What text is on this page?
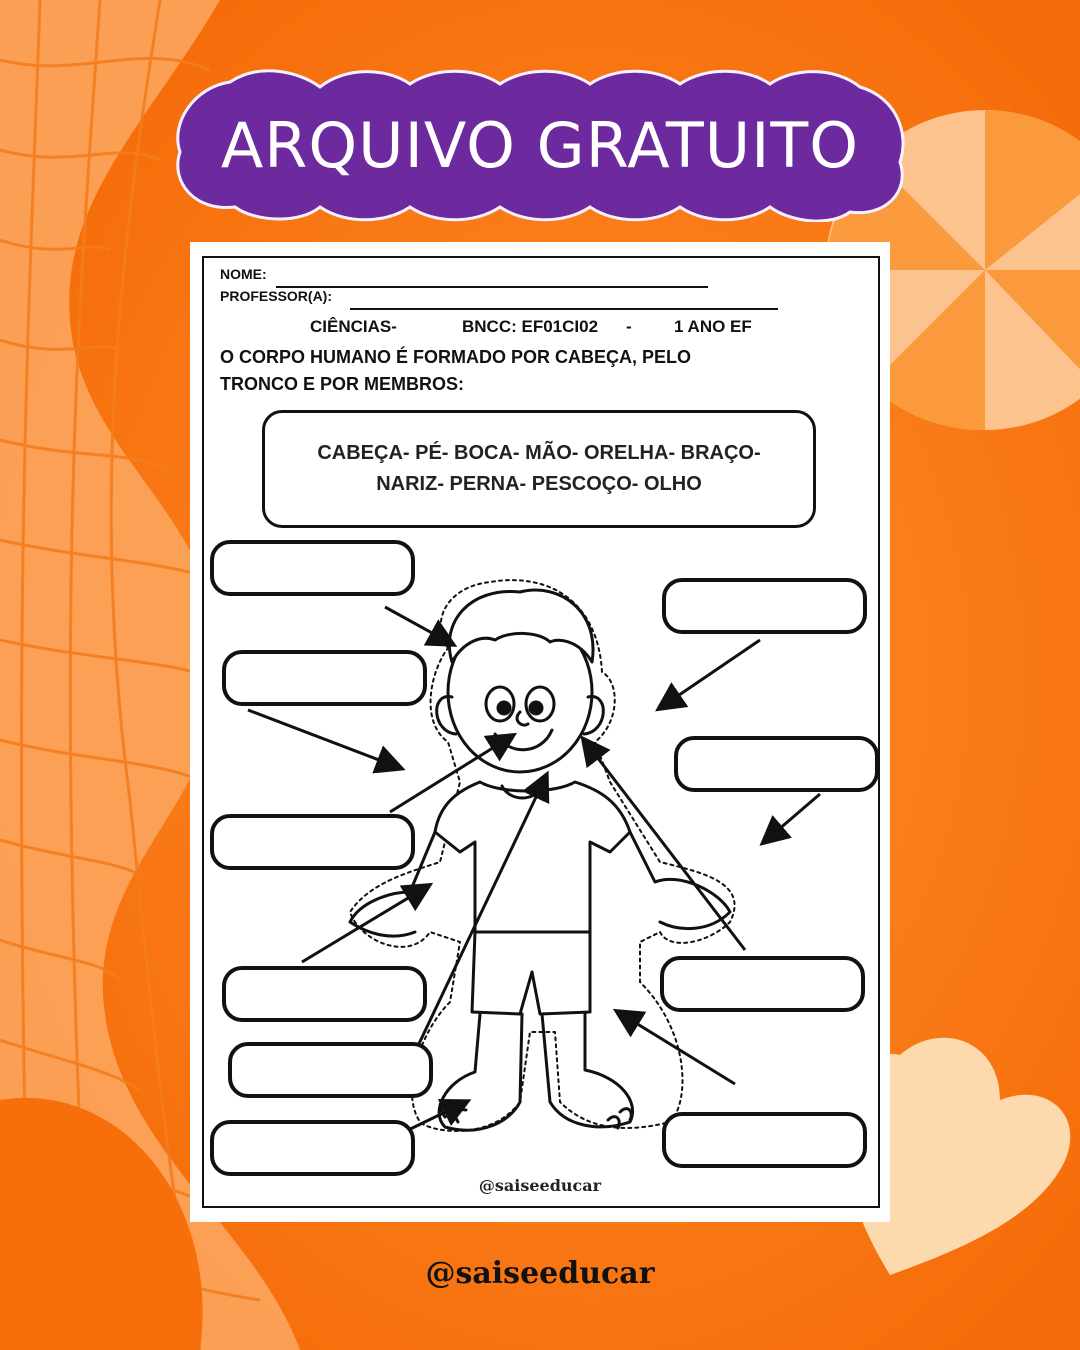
ARQUIVO GRATUITO
NOME:
PROFESSOR(A):
CIÊNCIAS-	BNCC: EF01CI02 - 1 ANO EF
O CORPO HUMANO É FORMADO POR CABEÇA, PELO
TRONCO E POR MEMBROS:
CABEÇA- PÉ- BOCA- MÃO- ORELHA- BRAÇO-
NARIZ- PERNA- PESCOÇO- OLHO
@saiseeducar
@saiseeducar
